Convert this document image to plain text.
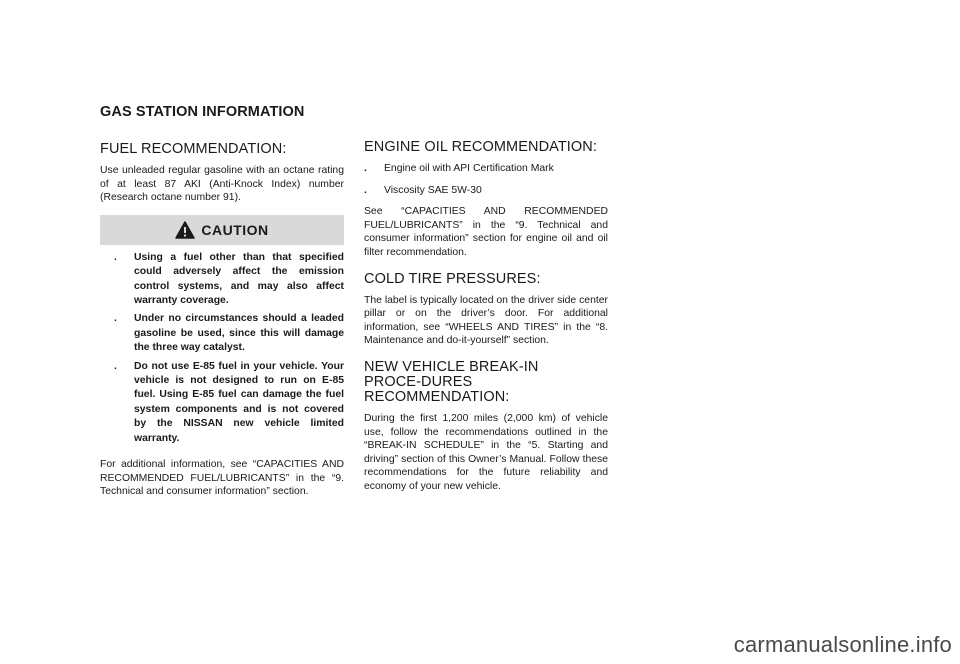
GAS STATION INFORMATION
FUEL RECOMMENDATION:

Use unleaded regular gasoline with an octane rating of at least 87 AKI (Anti-Knock Index) number (Research octane number 91).

CAUTION
. Using a fuel other than that specified could adversely affect the emission control systems, and may also affect warranty coverage.
. Under no circumstances should a leaded gasoline be used, since this will damage the three way catalyst.
. Do not use E-85 fuel in your vehicle. Your vehicle is not designed to run on E-85 fuel. Using E-85 fuel can damage the fuel system components and is not covered by the NISSAN new vehicle limited warranty.

For additional information, see “CAPACITIES AND RECOMMENDED FUEL/LUBRICANTS” in the “9. Technical and consumer information” section.

ENGINE OIL RECOMMENDATION:
. Engine oil with API Certification Mark
. Viscosity SAE 5W-30

See “CAPACITIES AND RECOMMENDED FUEL/LUBRICANTS” in the “9. Technical and consumer information” section for engine oil and oil filter recommendation.

COLD TIRE PRESSURES:

The label is typically located on the driver side center pillar or on the driver’s door. For additional information, see “WHEELS AND TIRES” in the “8. Maintenance and do-it-yourself” section.

NEW VEHICLE BREAK-IN PROCE-DURES RECOMMENDATION:

During the first 1,200 miles (2,000 km) of vehicle use, follow the recommendations outlined in the “BREAK-IN SCHEDULE” in the “5. Starting and driving” section of this Owner’s Manual. Follow these recommendations for the future reliability and economy of your new vehicle.

carmanualsonline.info
